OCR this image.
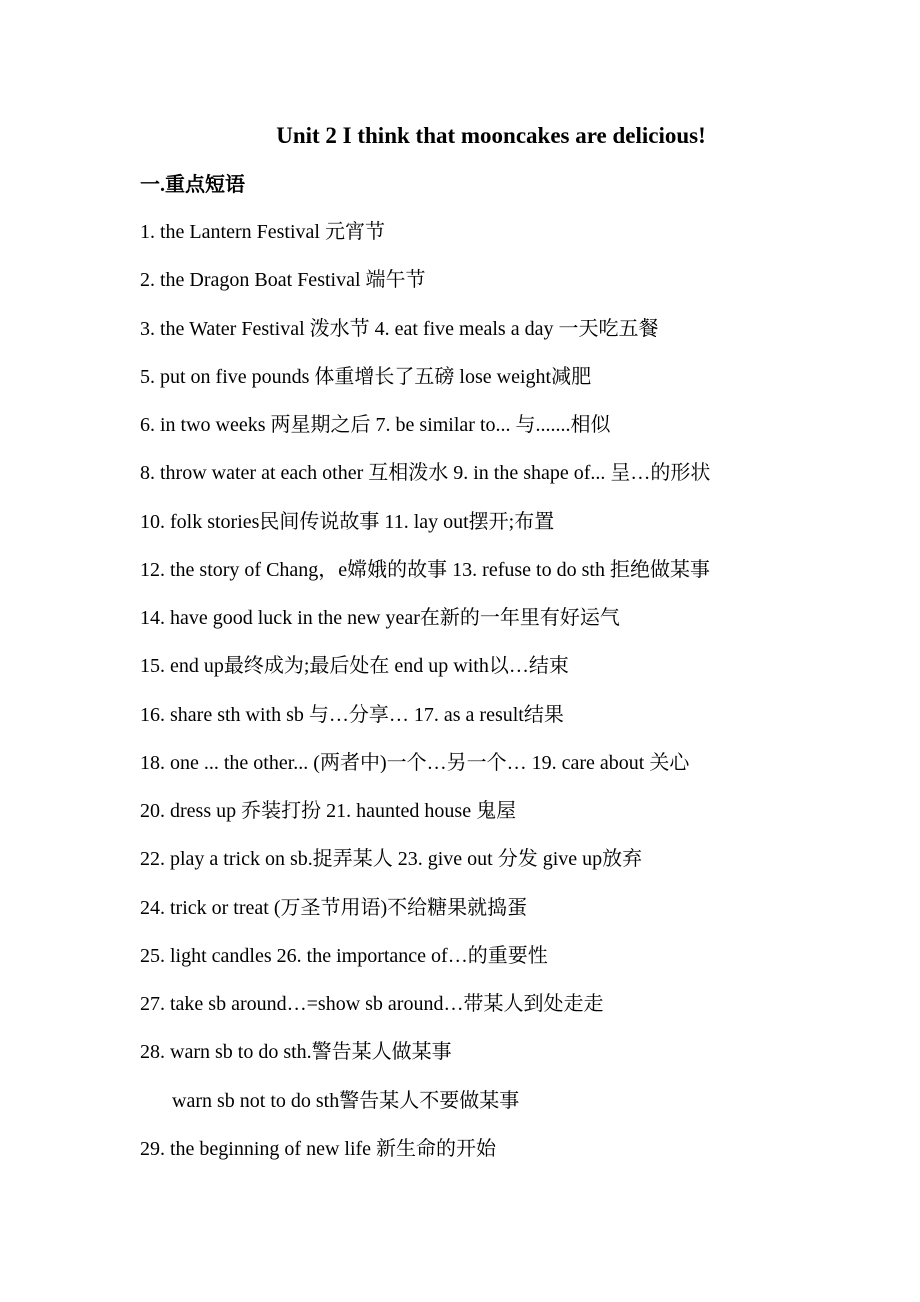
Unit 2 I think that mooncakes are delicious!
一.重点短语
1. the Lantern Festival 元宵节
2. the Dragon Boat Festival 端午节
3. the Water Festival 泼水节 4. eat five meals a day 一天吃五餐
5. put on five pounds 体重增长了五磅 lose weight减肥
6. in two weeks 两星期之后 7. be similar to... 与.......相似
8. throw water at each other 互相泼水 9. in the shape of... 呈…的形状
10. folk stories民间传说故事 11. lay out摆开;布置
12. the story of Chang，e嫦娥的故事 13. refuse to do sth 拒绝做某事
14. have good luck in the new year在新的一年里有好运气
15. end up最终成为;最后处在 end up with以…结束
16. share sth with sb 与…分享… 17. as a result结果
18. one ... the other... (两者中)一个…另一个… 19. care about 关心
20. dress up 乔装打扮 21. haunted house 鬼屋
22. play a trick on sb.捉弄某人 23. give out 分发 give up放弃
24. trick or treat (万圣节用语)不给糖果就捣蛋
25. light candles 26. the importance of…的重要性
27. take sb around…=show sb around…带某人到处走走
28. warn sb to do sth.警告某人做某事
warn sb not to do sth警告某人不要做某事
29. the beginning of new life 新生命的开始
